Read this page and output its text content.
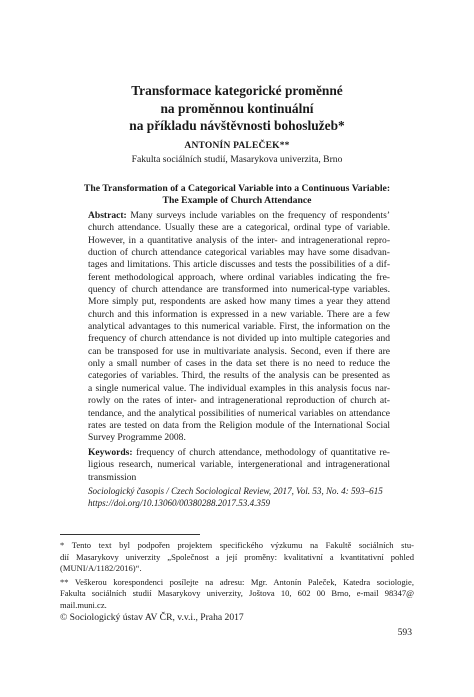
Transformace kategorické proměnné
na proměnnou kontinuální
na příkladu návštěvnosti bohoslužeb*
ANTONÍN PALEČEK**
Fakulta sociálních studií, Masarykova univerzita, Brno
The Transformation of a Categorical Variable into a Continuous Variable:
The Example of Church Attendance
Abstract: Many surveys include variables on the frequency of respondents’
church attendance. Usually these are a categorical, ordinal type of variable.
However, in a quantitative analysis of the inter- and intragenerational repro-
duction of church attendance categorical variables may have some disadvan-
tages and limitations. This article discusses and tests the possibilities of a dif-
ferent methodological approach, where ordinal variables indicating the fre-
quency of church attendance are transformed into numerical-type variables.
More simply put, respondents are asked how many times a year they attend
church and this information is expressed in a new variable. There are a few
analytical advantages to this numerical variable. First, the information on the
frequency of church attendance is not divided up into multiple categories and
can be transposed for use in multivariate analysis. Second, even if there are
only a small number of cases in the data set there is no need to reduce the
categories of variables. Third, the results of the analysis can be presented as
a single numerical value. The individual examples in this analysis focus nar-
rowly on the rates of inter- and intragenerational reproduction of church at-
tendance, and the analytical possibilities of numerical variables on attendance
rates are tested on data from the Religion module of the International Social
Survey Programme 2008.
Keywords: frequency of church attendance, methodology of quantitative re-
ligious research, numerical variable, intergenerational and intragenerational
transmission
Sociologický časopis / Czech Sociological Review, 2017, Vol. 53, No. 4: 593–615
https://doi.org/10.13060/00380288.2017.53.4.359
* Tento text byl podpořen projektem specifického výzkumu na Fakultě sociálních stu-
dií Masarykovy univerzity „Společnost a její proměny: kvalitativní a kvantitativní pohled
(MUNI/A/1182/2016)“.
** Veškerou korespondenci posílejte na adresu: Mgr. Antonín Paleček, Katedra sociologie,
Fakulta sociálních studií Masarykovy univerzity, Joštova 10, 602 00 Brno, e-mail 98347@
mail.muni.cz.
© Sociologický ústav AV ČR, v.v.i., Praha 2017
593
